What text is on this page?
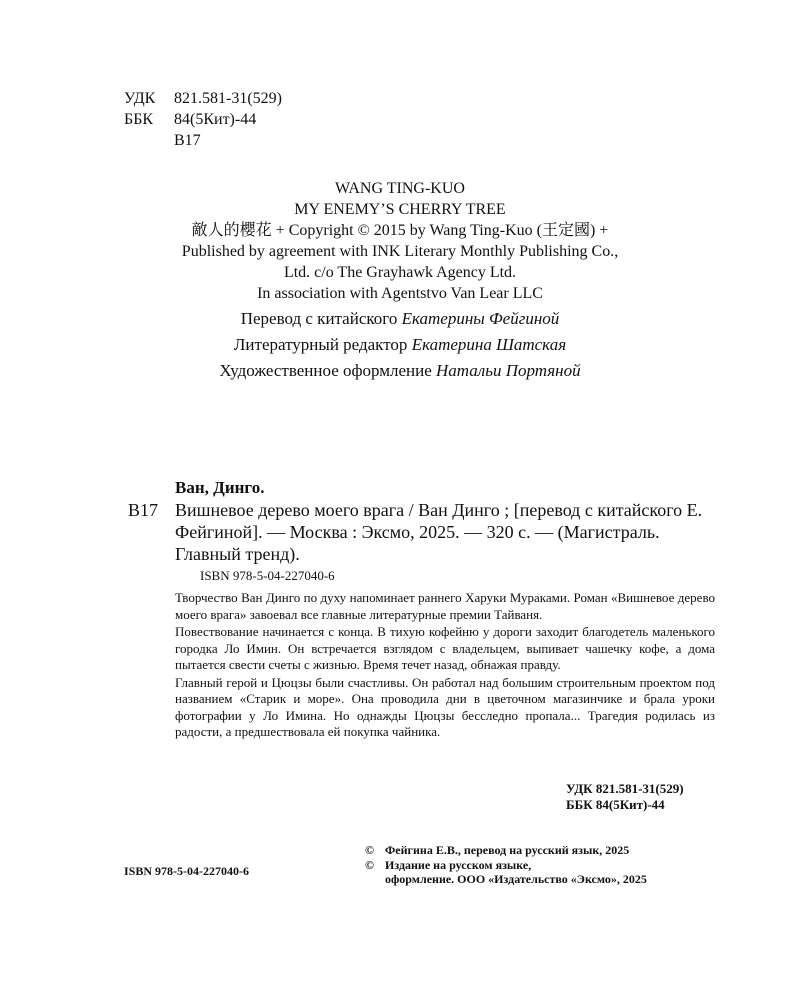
УДК	821.581-31(529)
ББК	84(5Кит)-44
В17
WANG TING-KUO
MY ENEMY’S CHERRY TREE
敵人的櫻花 + Copyright © 2015 by Wang Ting-Kuo (王定國) +
Published by agreement with INK Literary Monthly Publishing Co.,
Ltd. c/o The Grayhawk Agency Ltd.
In association with Agentstvo Van Lear LLC
Перевод с китайского Екатерины Фейгиной
Литературный редактор Екатерина Шатская
Художественное оформление Натальи Портяной
Ван, Динго.
В17 Вишневое дерево моего врага / Ван Динго ; [перевод с китайского Е. Фейгиной]. — Москва : Эксмо, 2025. — 320 с. — (Магистраль. Главный тренд).
ISBN 978-5-04-227040-6

Творчество Ван Динго по духу напоминает раннего Харуки Мураками. Роман «Вишневое дерево моего врага» завоевал все главные литературные премии Тайваня.

Повествование начинается с конца. В тихую кофейню у дороги заходит благодетель маленького городка Ло Имин. Он встречается взглядом с владельцем, выпивает чашечку кофе, а дома пытается свести счеты с жизнью. Время течет назад, обнажая правду.

Главный герой и Цюцзы были счастливы. Он работал над большим строительным проектом под названием «Старик и море». Она проводила дни в цветочном магазинчике и брала уроки фотографии у Ло Имина. Но однажды Цюцзы бесследно пропала... Трагедия родилась из радости, а предшествовала ей покупка чайника.

УДК 821.581-31(529)
ББК 84(5Кит)-44
© Фейгина Е.В., перевод на русский язык, 2025
© Издание на русском языке,
оформление. ООО «Издательство «Эксмо», 2025
ISBN 978-5-04-227040-6
